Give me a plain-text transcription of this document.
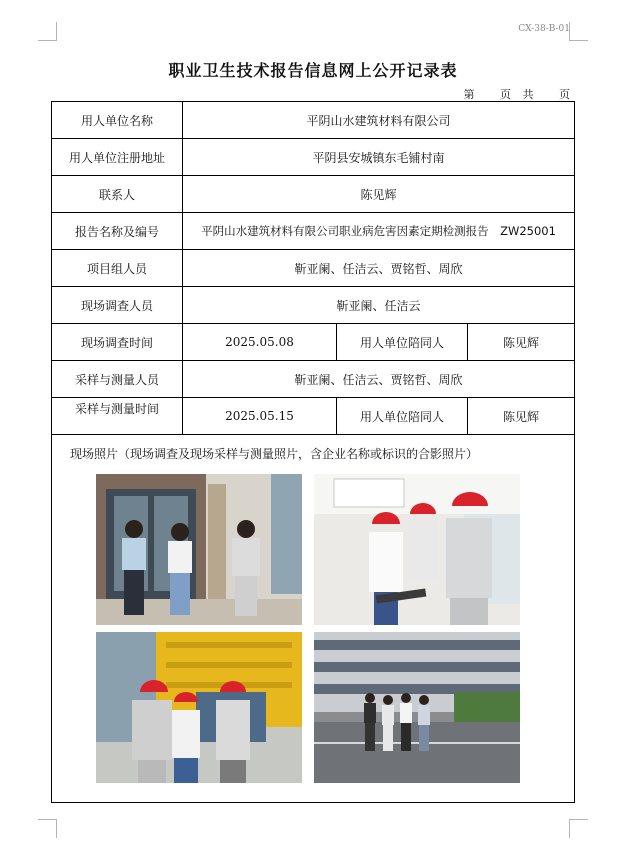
CX-38-B-01
职业卫生技术报告信息网上公开记录表
第 页 共 页
用人单位名称	平阴山水建筑材料有限公司		
用人单位注册地址	平阴县安城镇东毛铺村南		
联系人	陈见辉		
报告名称及编号	平阴山水建筑材料有限公司职业病危害因素定期检测报告　ZW25001		
项目组人员	靳亚阑、任洁云、贾铭哲、周欣		
现场调查人员	靳亚阑、任洁云		
现场调查时间	2025.05.08	用人单位陪同人	陈见辉
采样与测量人员	靳亚阑、任洁云、贾铭哲、周欣		
采样与测量时间	2025.05.15	用人单位陪同人	陈见辉

现场照片（现场调查及现场采样与测量照片，含企业名称或标识的合影照片）			
